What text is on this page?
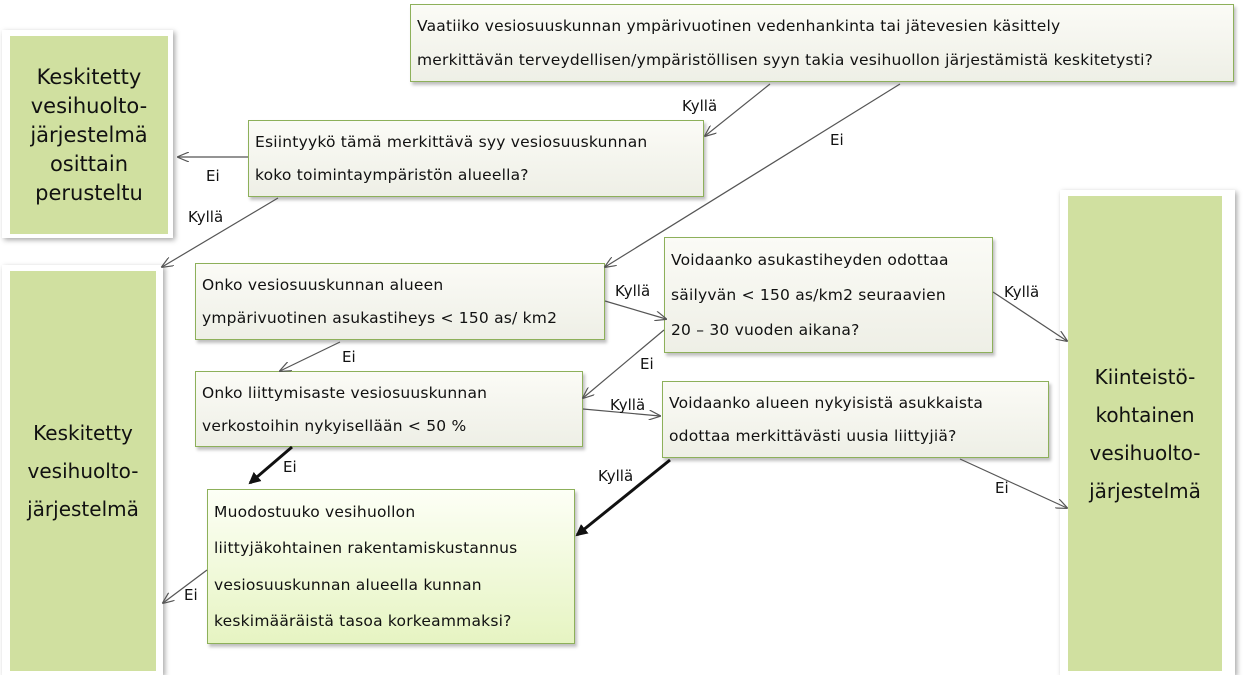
Keskitetty
vesihuolto-
järjestelmä
osittain
perusteltu
Keskitetty
vesihuolto-
järjestelmä
Kiinteistö-
kohtainen
vesihuolto-
järjestelmä
Vaatiiko vesiosuuskunnan ympärivuotinen vedenhankinta tai jätevesien käsittely
merkittävän terveydellisen/ympäristöllisen syyn takia vesihuollon järjestämistä keskitetysti?
Esiintyykö tämä merkittävä syy vesiosuuskunnan
koko toimintaympäristön alueella?
Onko vesiosuuskunnan alueen
ympärivuotinen asukastiheys < 150 as/ km2
Voidaanko asukastiheyden odottaa
säilyvän < 150 as/km2 seuraavien
20 – 30 vuoden aikana?
Onko liittymisaste vesiosuuskunnan
verkostoihin nykyisellään < 50 %
Voidaanko alueen nykyisistä asukkaista
odottaa merkittävästi uusia liittyjiä?
Muodostuuko vesihuollon
liittyjäkohtainen rakentamiskustannus
vesiosuuskunnan alueella kunnan
keskimääräistä tasoa korkeammaksi?
Kyllä
Ei
Ei
Kyllä
Kyllä	Kyllä
Ei	Ei
Kyllä
Ei	Kyllä
Ei
Ei
